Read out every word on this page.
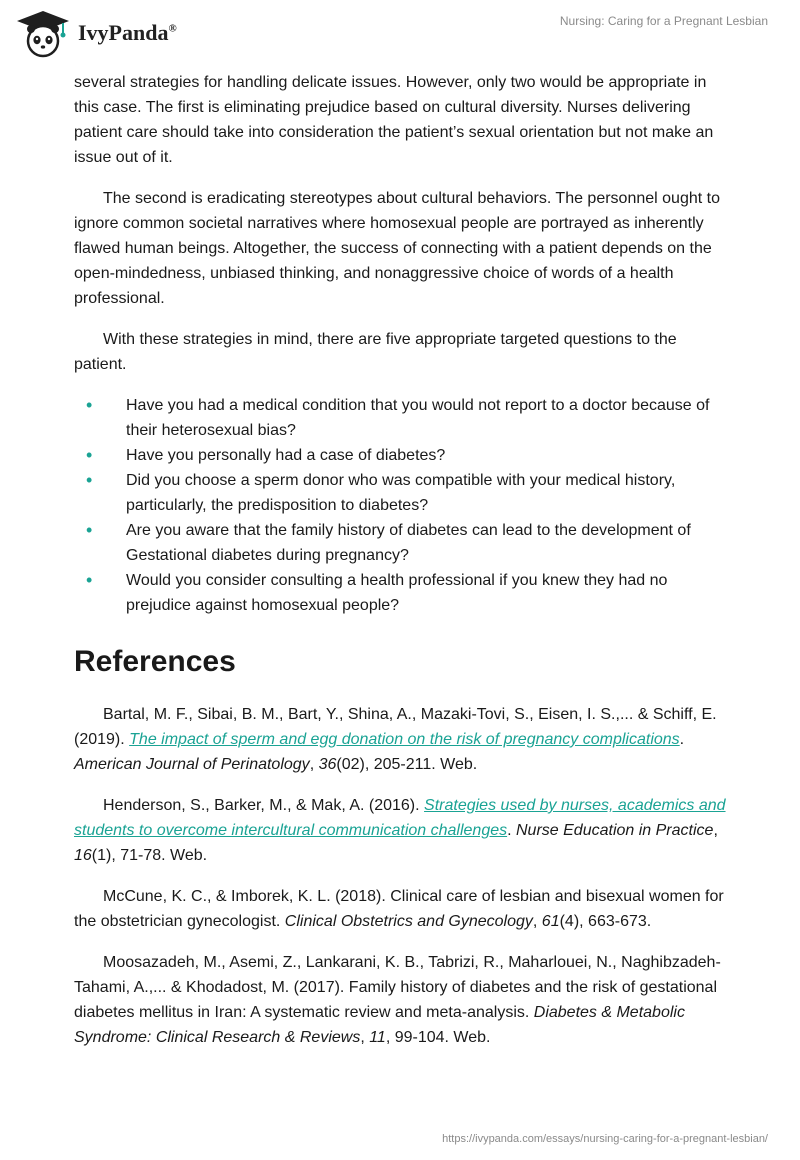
IvyPanda®
Nursing: Caring for a Pregnant Lesbian

several strategies for handling delicate issues. However, only two would be appropriate in this case. The first is eliminating prejudice based on cultural diversity. Nurses delivering patient care should take into consideration the patient’s sexual orientation but not make an issue out of it.

The second is eradicating stereotypes about cultural behaviors. The personnel ought to ignore common societal narratives where homosexual people are portrayed as inherently flawed human beings. Altogether, the success of connecting with a patient depends on the open-mindedness, unbiased thinking, and nonaggressive choice of words of a health professional.

With these strategies in mind, there are five appropriate targeted questions to the patient.

• Have you had a medical condition that you would not report to a doctor because of their heterosexual bias?
• Have you personally had a case of diabetes?
• Did you choose a sperm donor who was compatible with your medical history, particularly, the predisposition to diabetes?
• Are you aware that the family history of diabetes can lead to the development of Gestational diabetes during pregnancy?
• Would you consider consulting a health professional if you knew they had no prejudice against homosexual people?
References

Bartal, M. F., Sibai, B. M., Bart, Y., Shina, A., Mazaki-Tovi, S., Eisen, I. S.,... & Schiff, E. (2019). The impact of sperm and egg donation on the risk of pregnancy complications. American Journal of Perinatology, 36(02), 205-211. Web.

Henderson, S., Barker, M., & Mak, A. (2016). Strategies used by nurses, academics and students to overcome intercultural communication challenges. Nurse Education in Practice, 16(1), 71-78. Web.

McCune, K. C., & Imborek, K. L. (2018). Clinical care of lesbian and bisexual women for the obstetrician gynecologist. Clinical Obstetrics and Gynecology, 61(4), 663-673.

Moosazadeh, M., Asemi, Z., Lankarani, K. B., Tabrizi, R., Maharlouei, N., Naghibzadeh-Tahami, A.,... & Khodadost, M. (2017). Family history of diabetes and the risk of gestational diabetes mellitus in Iran: A systematic review and meta-analysis. Diabetes & Metabolic Syndrome: Clinical Research & Reviews, 11, 99-104. Web.

https://ivypanda.com/essays/nursing-caring-for-a-pregnant-lesbian/
